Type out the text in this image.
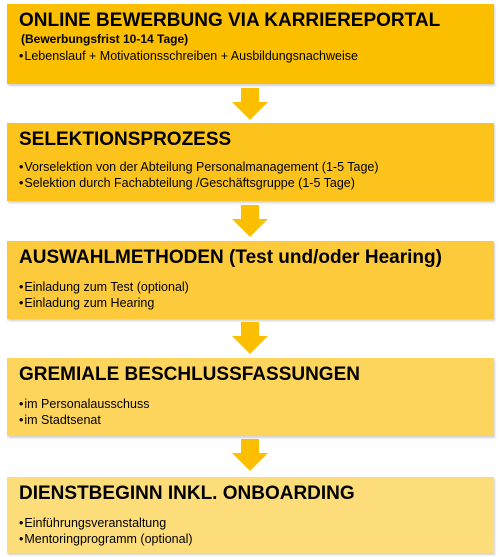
ONLINE BEWERBUNG VIA KARRIEREPORTAL
(Bewerbungsfrist 10-14 Tage)
• Lebenslauf + Motivationsschreiben + Ausbildungsnachweise
SELEKTIONSPROZESS
• Vorselektion von der Abteilung Personalmanagement (1-5 Tage)
• Selektion durch Fachabteilung /Geschäftsgruppe (1-5 Tage)
AUSWAHLMETHODEN (Test und/oder Hearing)
• Einladung zum Test (optional)
• Einladung zum Hearing
GREMIALE BESCHLUSSFASSUNGEN
• im Personalausschuss
• im Stadtsenat
DIENSTBEGINN INKL. ONBOARDING
• Einführungsveranstaltung
• Mentoringprogramm (optional)
